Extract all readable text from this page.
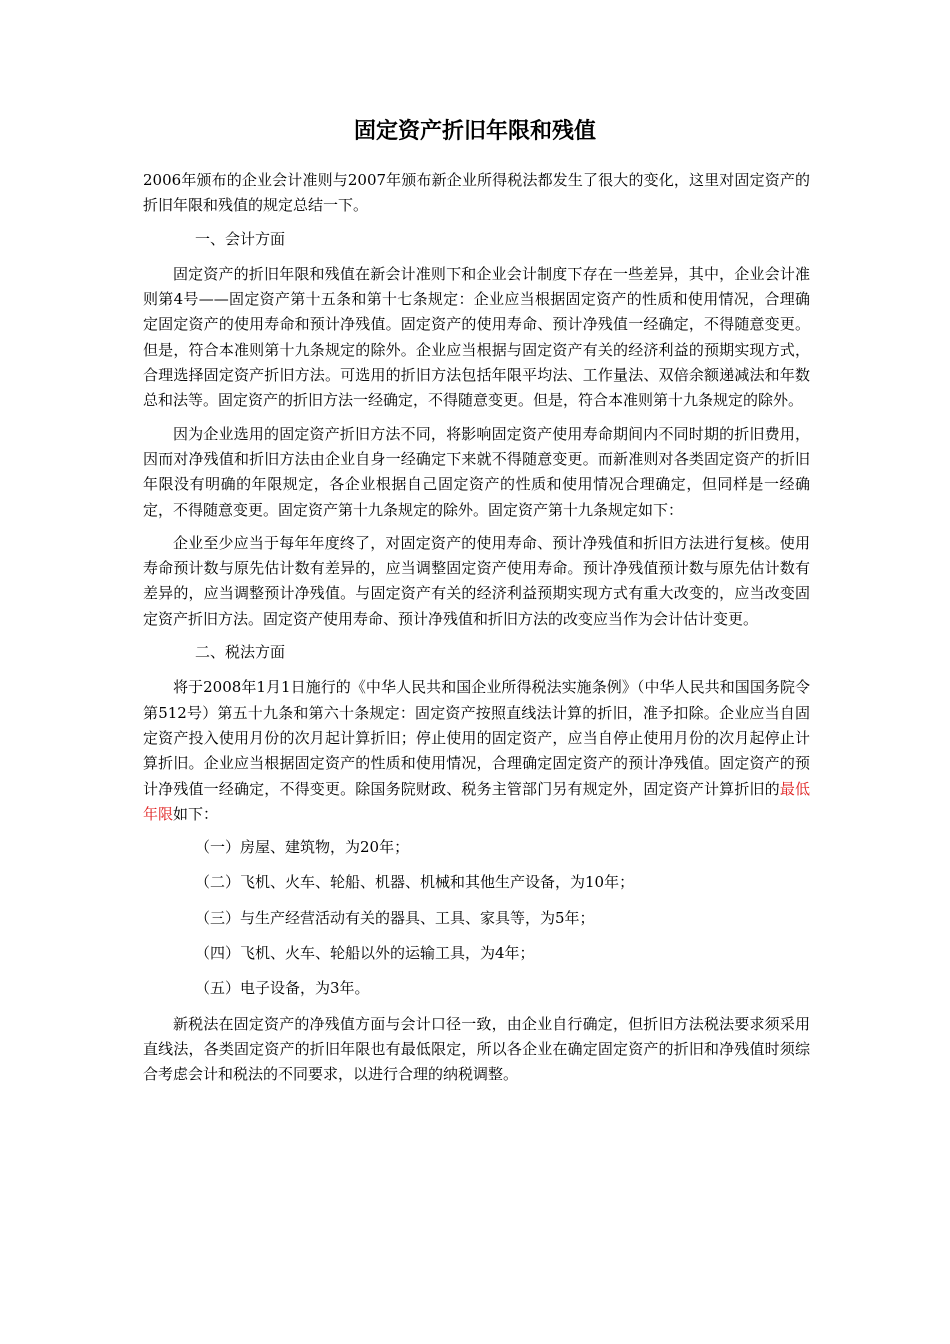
固定资产折旧年限和残值

2006年颁布的企业会计准则与2007年颁布新企业所得税法都发生了很大的变化，这里对固定资产的折旧年限和残值的规定总结一下。

一、会计方面

固定资产的折旧年限和残值在新会计准则下和企业会计制度下存在一些差异，其中，企业会计准则第4号——固定资产第十五条和第十七条规定：企业应当根据固定资产的性质和使用情况，合理确定固定资产的使用寿命和预计净残值。固定资产的使用寿命、预计净残值一经确定，不得随意变更。但是，符合本准则第十九条规定的除外。企业应当根据与固定资产有关的经济利益的预期实现方式，合理选择固定资产折旧方法。可选用的折旧方法包括年限平均法、工作量法、双倍余额递减法和年数总和法等。固定资产的折旧方法一经确定，不得随意变更。但是，符合本准则第十九条规定的除外。

因为企业选用的固定资产折旧方法不同，将影响固定资产使用寿命期间内不同时期的折旧费用，因而对净残值和折旧方法由企业自身一经确定下来就不得随意变更。而新准则对各类固定资产的折旧年限没有明确的年限规定，各企业根据自己固定资产的性质和使用情况合理确定，但同样是一经确定，不得随意变更。固定资产第十九条规定的除外。固定资产第十九条规定如下：

企业至少应当于每年年度终了，对固定资产的使用寿命、预计净残值和折旧方法进行复核。使用寿命预计数与原先估计数有差异的，应当调整固定资产使用寿命。预计净残值预计数与原先估计数有差异的，应当调整预计净残值。与固定资产有关的经济利益预期实现方式有重大改变的，应当改变固定资产折旧方法。固定资产使用寿命、预计净残值和折旧方法的改变应当作为会计估计变更。

二、税法方面

将于2008年1月1日施行的《中华人民共和国企业所得税法实施条例》（中华人民共和国国务院令第512号）第五十九条和第六十条规定：固定资产按照直线法计算的折旧，准予扣除。企业应当自固定资产投入使用月份的次月起计算折旧；停止使用的固定资产，应当自停止使用月份的次月起停止计算折旧。企业应当根据固定资产的性质和使用情况，合理确定固定资产的预计净残值。固定资产的预计净残值一经确定，不得变更。除国务院财政、税务主管部门另有规定外，固定资产计算折旧的最低年限如下：

（一）房屋、建筑物，为20年；

（二）飞机、火车、轮船、机器、机械和其他生产设备，为10年；

（三）与生产经营活动有关的器具、工具、家具等，为5年；

（四）飞机、火车、轮船以外的运输工具，为4年；

（五）电子设备，为3年。

新税法在固定资产的净残值方面与会计口径一致，由企业自行确定，但折旧方法税法要求须采用直线法，各类固定资产的折旧年限也有最低限定，所以各企业在确定固定资产的折旧和净残值时须综合考虑会计和税法的不同要求，以进行合理的纳税调整。
